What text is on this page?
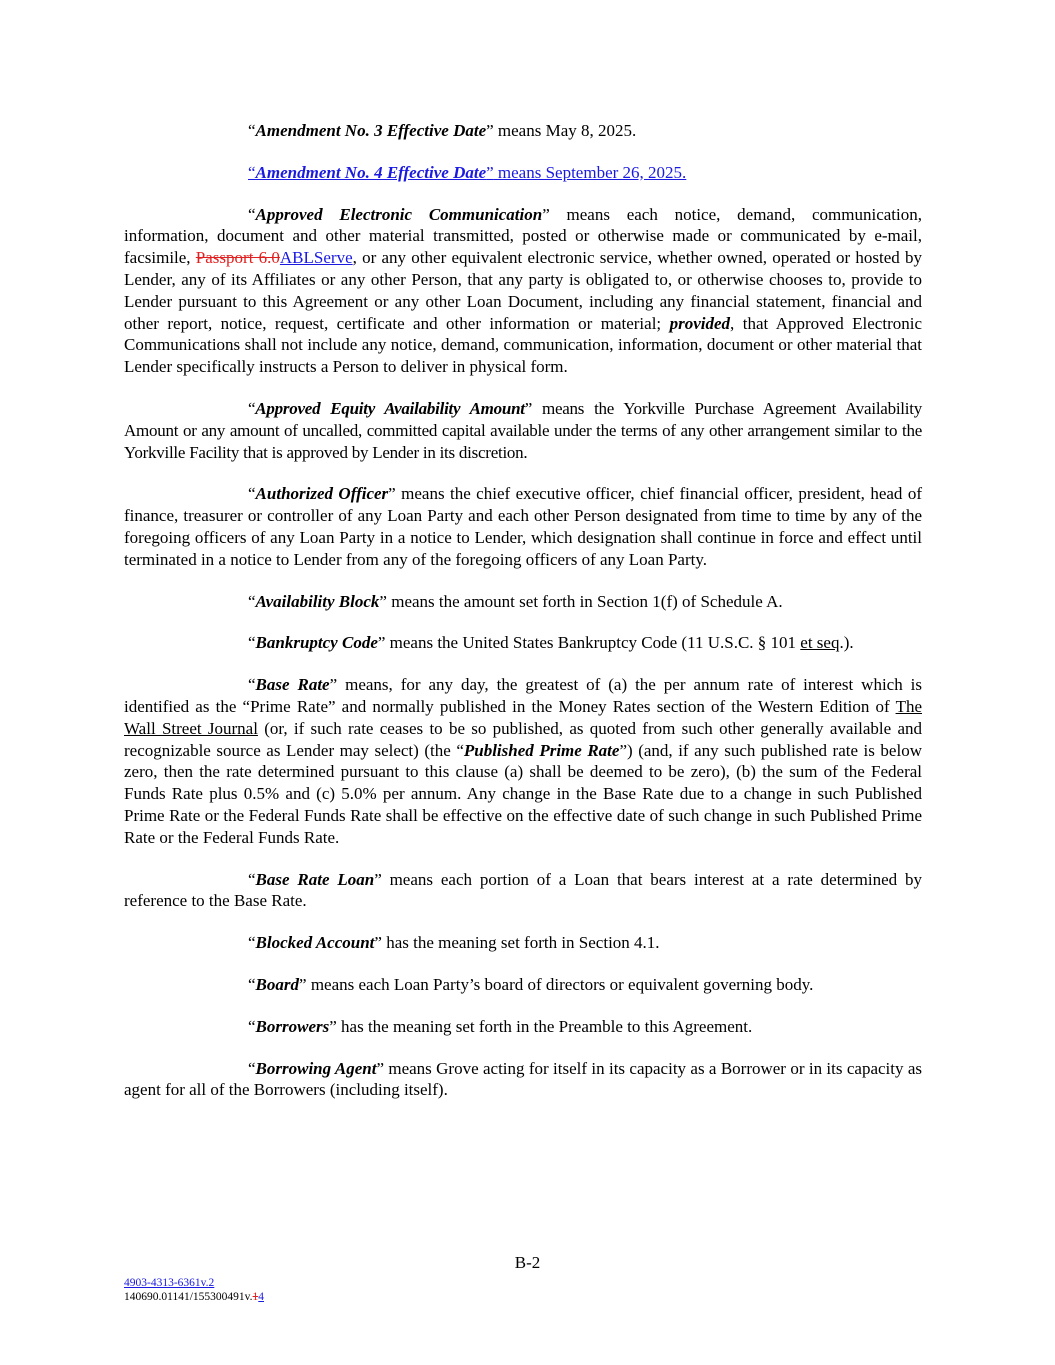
“Amendment No. 3 Effective Date” means May 8, 2025.

“Amendment No. 4 Effective Date” means September 26, 2025.

“Approved Electronic Communication” means each notice, demand, communication, information, document and other material transmitted, posted or otherwise made or communicated by e-mail, facsimile, Passport 6.0ABLServe, or any other equivalent electronic service, whether owned, operated or hosted by Lender, any of its Affiliates or any other Person, that any party is obligated to, or otherwise chooses to, provide to Lender pursuant to this Agreement or any other Loan Document, including any financial statement, financial and other report, notice, request, certificate and other information or material; provided, that Approved Electronic Communications shall not include any notice, demand, communication, information, document or other material that Lender specifically instructs a Person to deliver in physical form.

“Approved Equity Availability Amount” means the Yorkville Purchase Agreement Availability Amount or any amount of uncalled, committed capital available under the terms of any other arrangement similar to the Yorkville Facility that is approved by Lender in its discretion.

“Authorized Officer” means the chief executive officer, chief financial officer, president, head of finance, treasurer or controller of any Loan Party and each other Person designated from time to time by any of the foregoing officers of any Loan Party in a notice to Lender, which designation shall continue in force and effect until terminated in a notice to Lender from any of the foregoing officers of any Loan Party.

“Availability Block” means the amount set forth in Section 1(f) of Schedule A.

“Bankruptcy Code” means the United States Bankruptcy Code (11 U.S.C. § 101 et seq.).

“Base Rate” means, for any day, the greatest of (a) the per annum rate of interest which is identified as the “Prime Rate” and normally published in the Money Rates section of the Western Edition of The Wall Street Journal (or, if such rate ceases to be so published, as quoted from such other generally available and recognizable source as Lender may select) (the “Published Prime Rate”) (and, if any such published rate is below zero, then the rate determined pursuant to this clause (a) shall be deemed to be zero), (b) the sum of the Federal Funds Rate plus 0.5% and (c) 5.0% per annum. Any change in the Base Rate due to a change in such Published Prime Rate or the Federal Funds Rate shall be effective on the effective date of such change in such Published Prime Rate or the Federal Funds Rate.

“Base Rate Loan” means each portion of a Loan that bears interest at a rate determined by reference to the Base Rate.

“Blocked Account” has the meaning set forth in Section 4.1.

“Board” means each Loan Party’s board of directors or equivalent governing body.

“Borrowers” has the meaning set forth in the Preamble to this Agreement.

“Borrowing Agent” means Grove acting for itself in its capacity as a Borrower or in its capacity as agent for all of the Borrowers (including itself).

B-2
4903-4313-6361v.2
140690.01141/155300491v.14
